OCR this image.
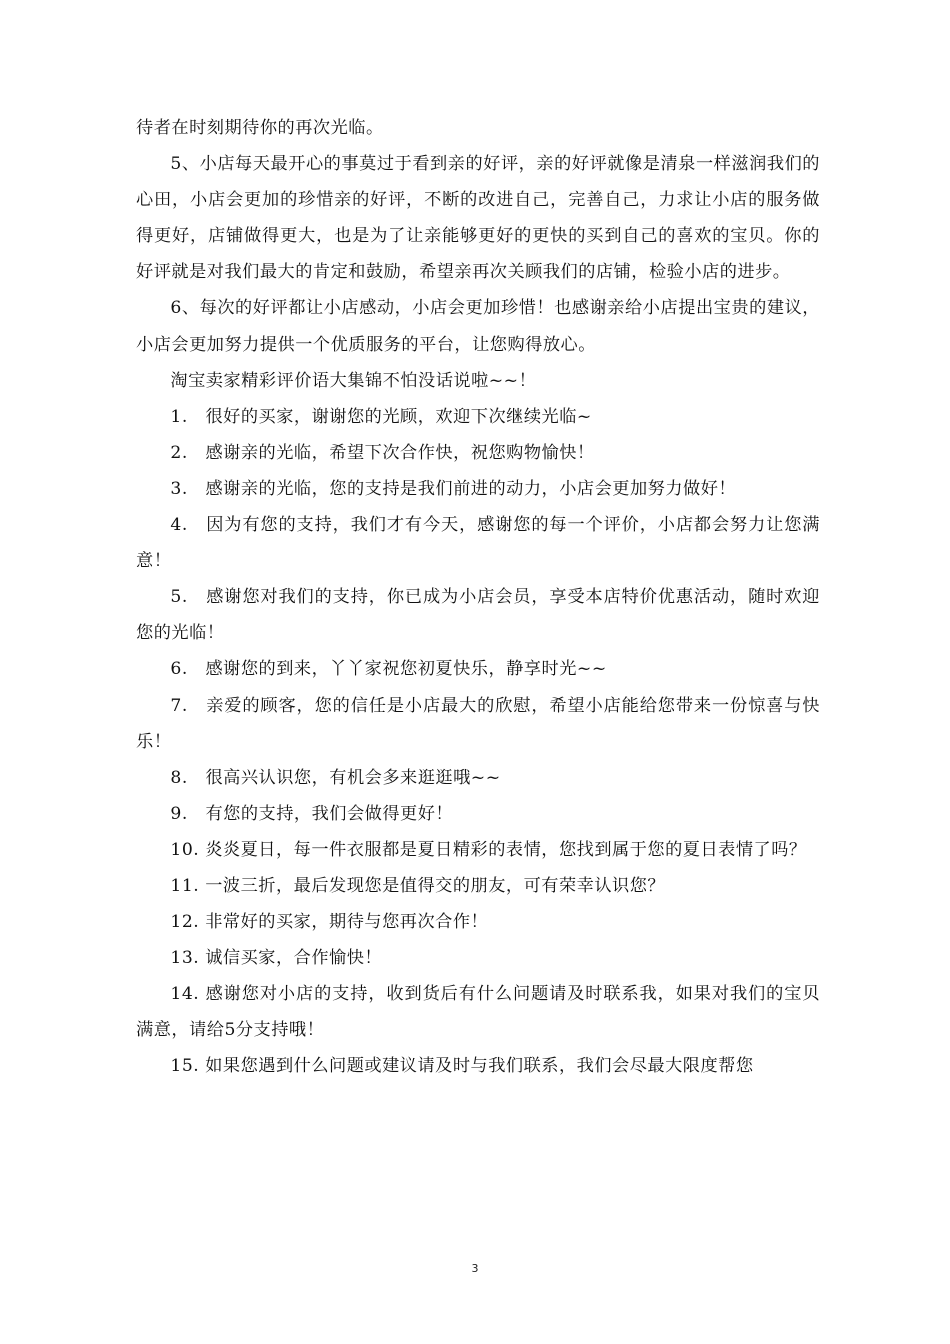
待者在时刻期待你的再次光临。

5、小店每天最开心的事莫过于看到亲的好评，亲的好评就像是清泉一样滋润我们的心田，小店会更加的珍惜亲的好评，不断的改进自己，完善自己，力求让小店的服务做得更好，店铺做得更大，也是为了让亲能够更好的更快的买到自己的喜欢的宝贝。你的好评就是对我们最大的肯定和鼓励，希望亲再次关顾我们的店铺，检验小店的进步。

6、每次的好评都让小店感动，小店会更加珍惜！也感谢亲给小店提出宝贵的建议，小店会更加努力提供一个优质服务的平台，让您购得放心。

淘宝卖家精彩评价语大集锦不怕没话说啦~~！

1.　很好的买家，谢谢您的光顾，欢迎下次继续光临~

2.　感谢亲的光临，希望下次合作快，祝您购物愉快！

3.　感谢亲的光临，您的支持是我们前进的动力，小店会更加努力做好！

4.　因为有您的支持，我们才有今天，感谢您的每一个评价，小店都会努力让您满意！

5.　感谢您对我们的支持，你已成为小店会员，享受本店特价优惠活动，随时欢迎您的光临！

6.　感谢您的到来，丫丫家祝您初夏快乐，静享时光~~

7.　亲爱的顾客，您的信任是小店最大的欣慰，希望小店能给您带来一份惊喜与快乐！

8.　很高兴认识您，有机会多来逛逛哦~~

9.　有您的支持，我们会做得更好！

10. 炎炎夏日，每一件衣服都是夏日精彩的表情，您找到属于您的夏日表情了吗？

11. 一波三折，最后发现您是值得交的朋友，可有荣幸认识您？

12. 非常好的买家，期待与您再次合作！

13. 诚信买家，合作愉快！

14. 感谢您对小店的支持，收到货后有什么问题请及时联系我，如果对我们的宝贝满意，请给5分支持哦！

15. 如果您遇到什么问题或建议请及时与我们联系，我们会尽最大限度帮您

3
